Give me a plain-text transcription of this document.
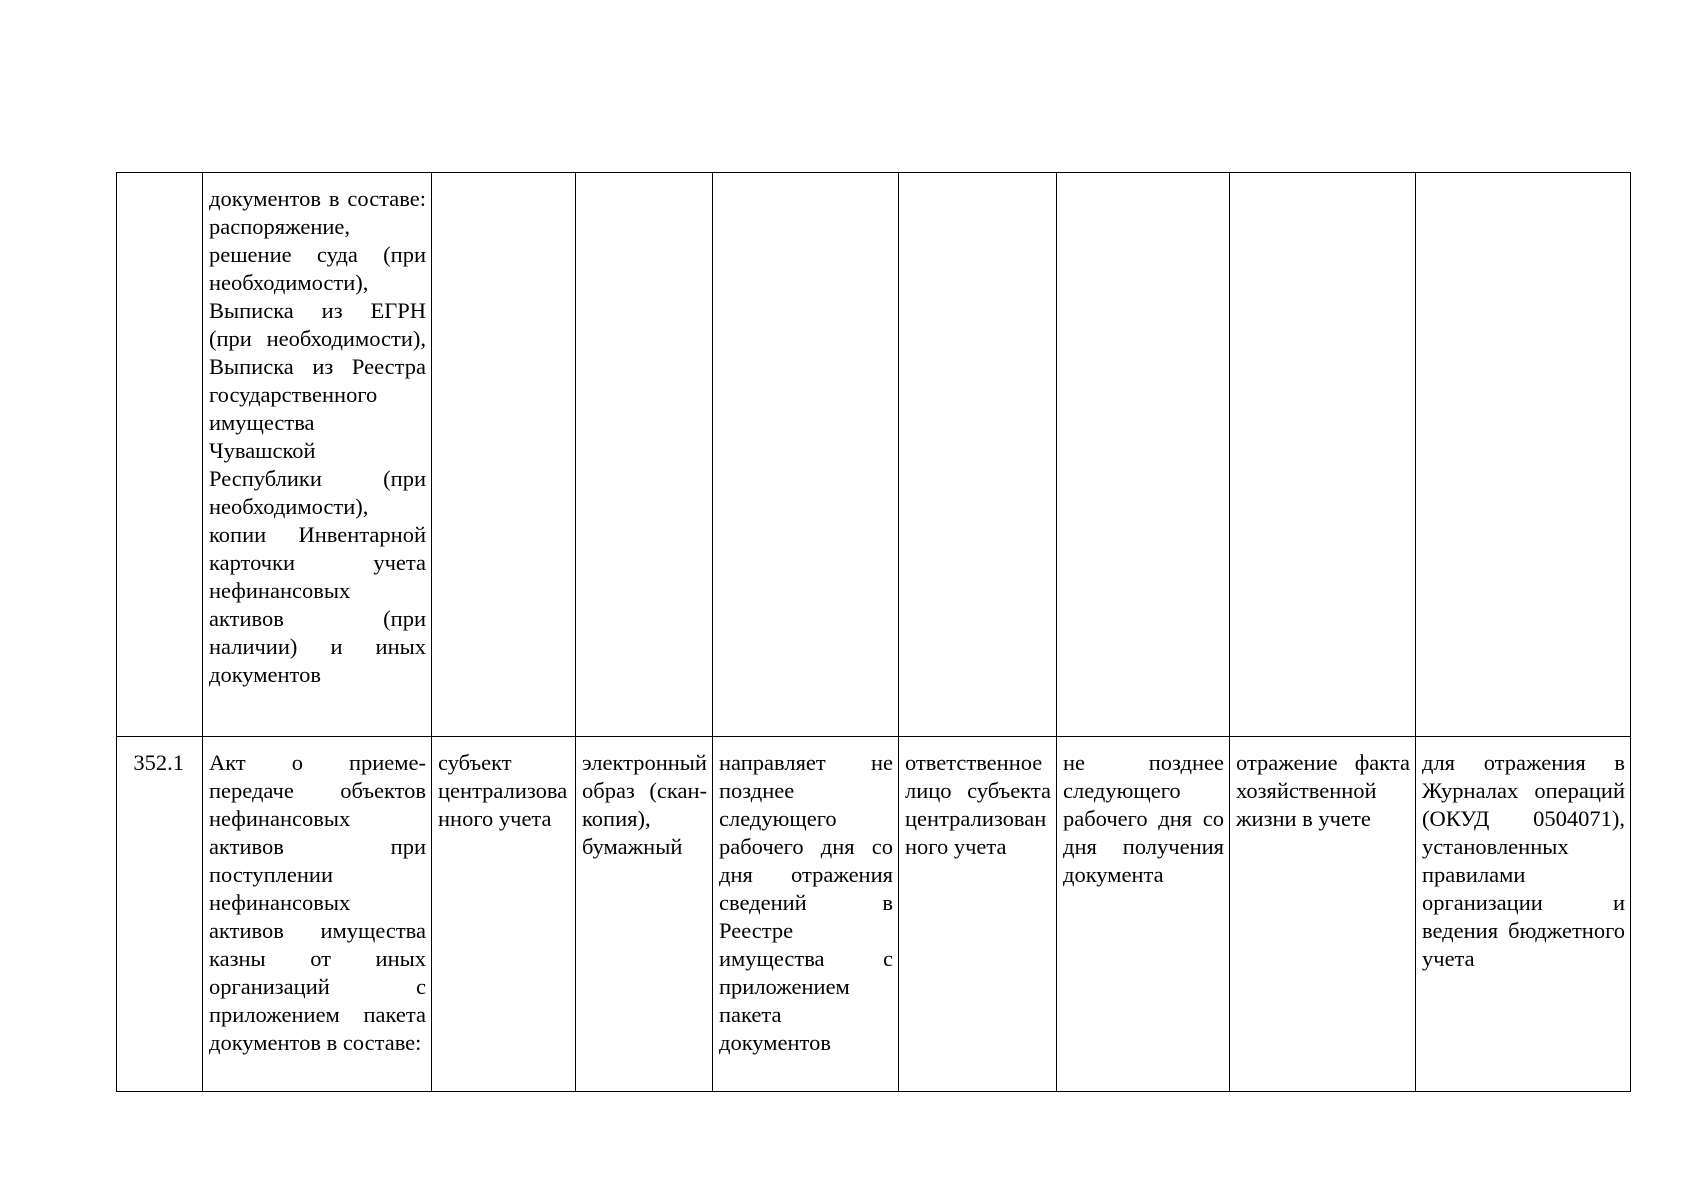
	документов в составе: распоряжение, решение суда (при необходимости), Выписка из ЕГРН (при необходимости), Выписка из Реестра государственного имущества Чувашской Республики (при необходимости), копии Инвентарной карточки учета нефинансовых активов (при наличии) и иных документов							

352.1	Акт о приеме-передаче объектов нефинансовых активов при поступлении нефинансовых активов имущества казны от иных организаций с приложением пакета документов в составе:	субъект централизованного учета	электронный образ (скан-копия), бумажный	направляет не позднее следующего рабочего дня со дня отражения сведений в Реестре имущества с приложением пакета документов	ответственное лицо субъекта централизованного учета	не позднее следующего рабочего дня со дня получения документа	отражение факта хозяйственной жизни в учете	для отражения в Журналах операций (ОКУД 0504071), установленных правилами организации и ведения бюджетного учета
